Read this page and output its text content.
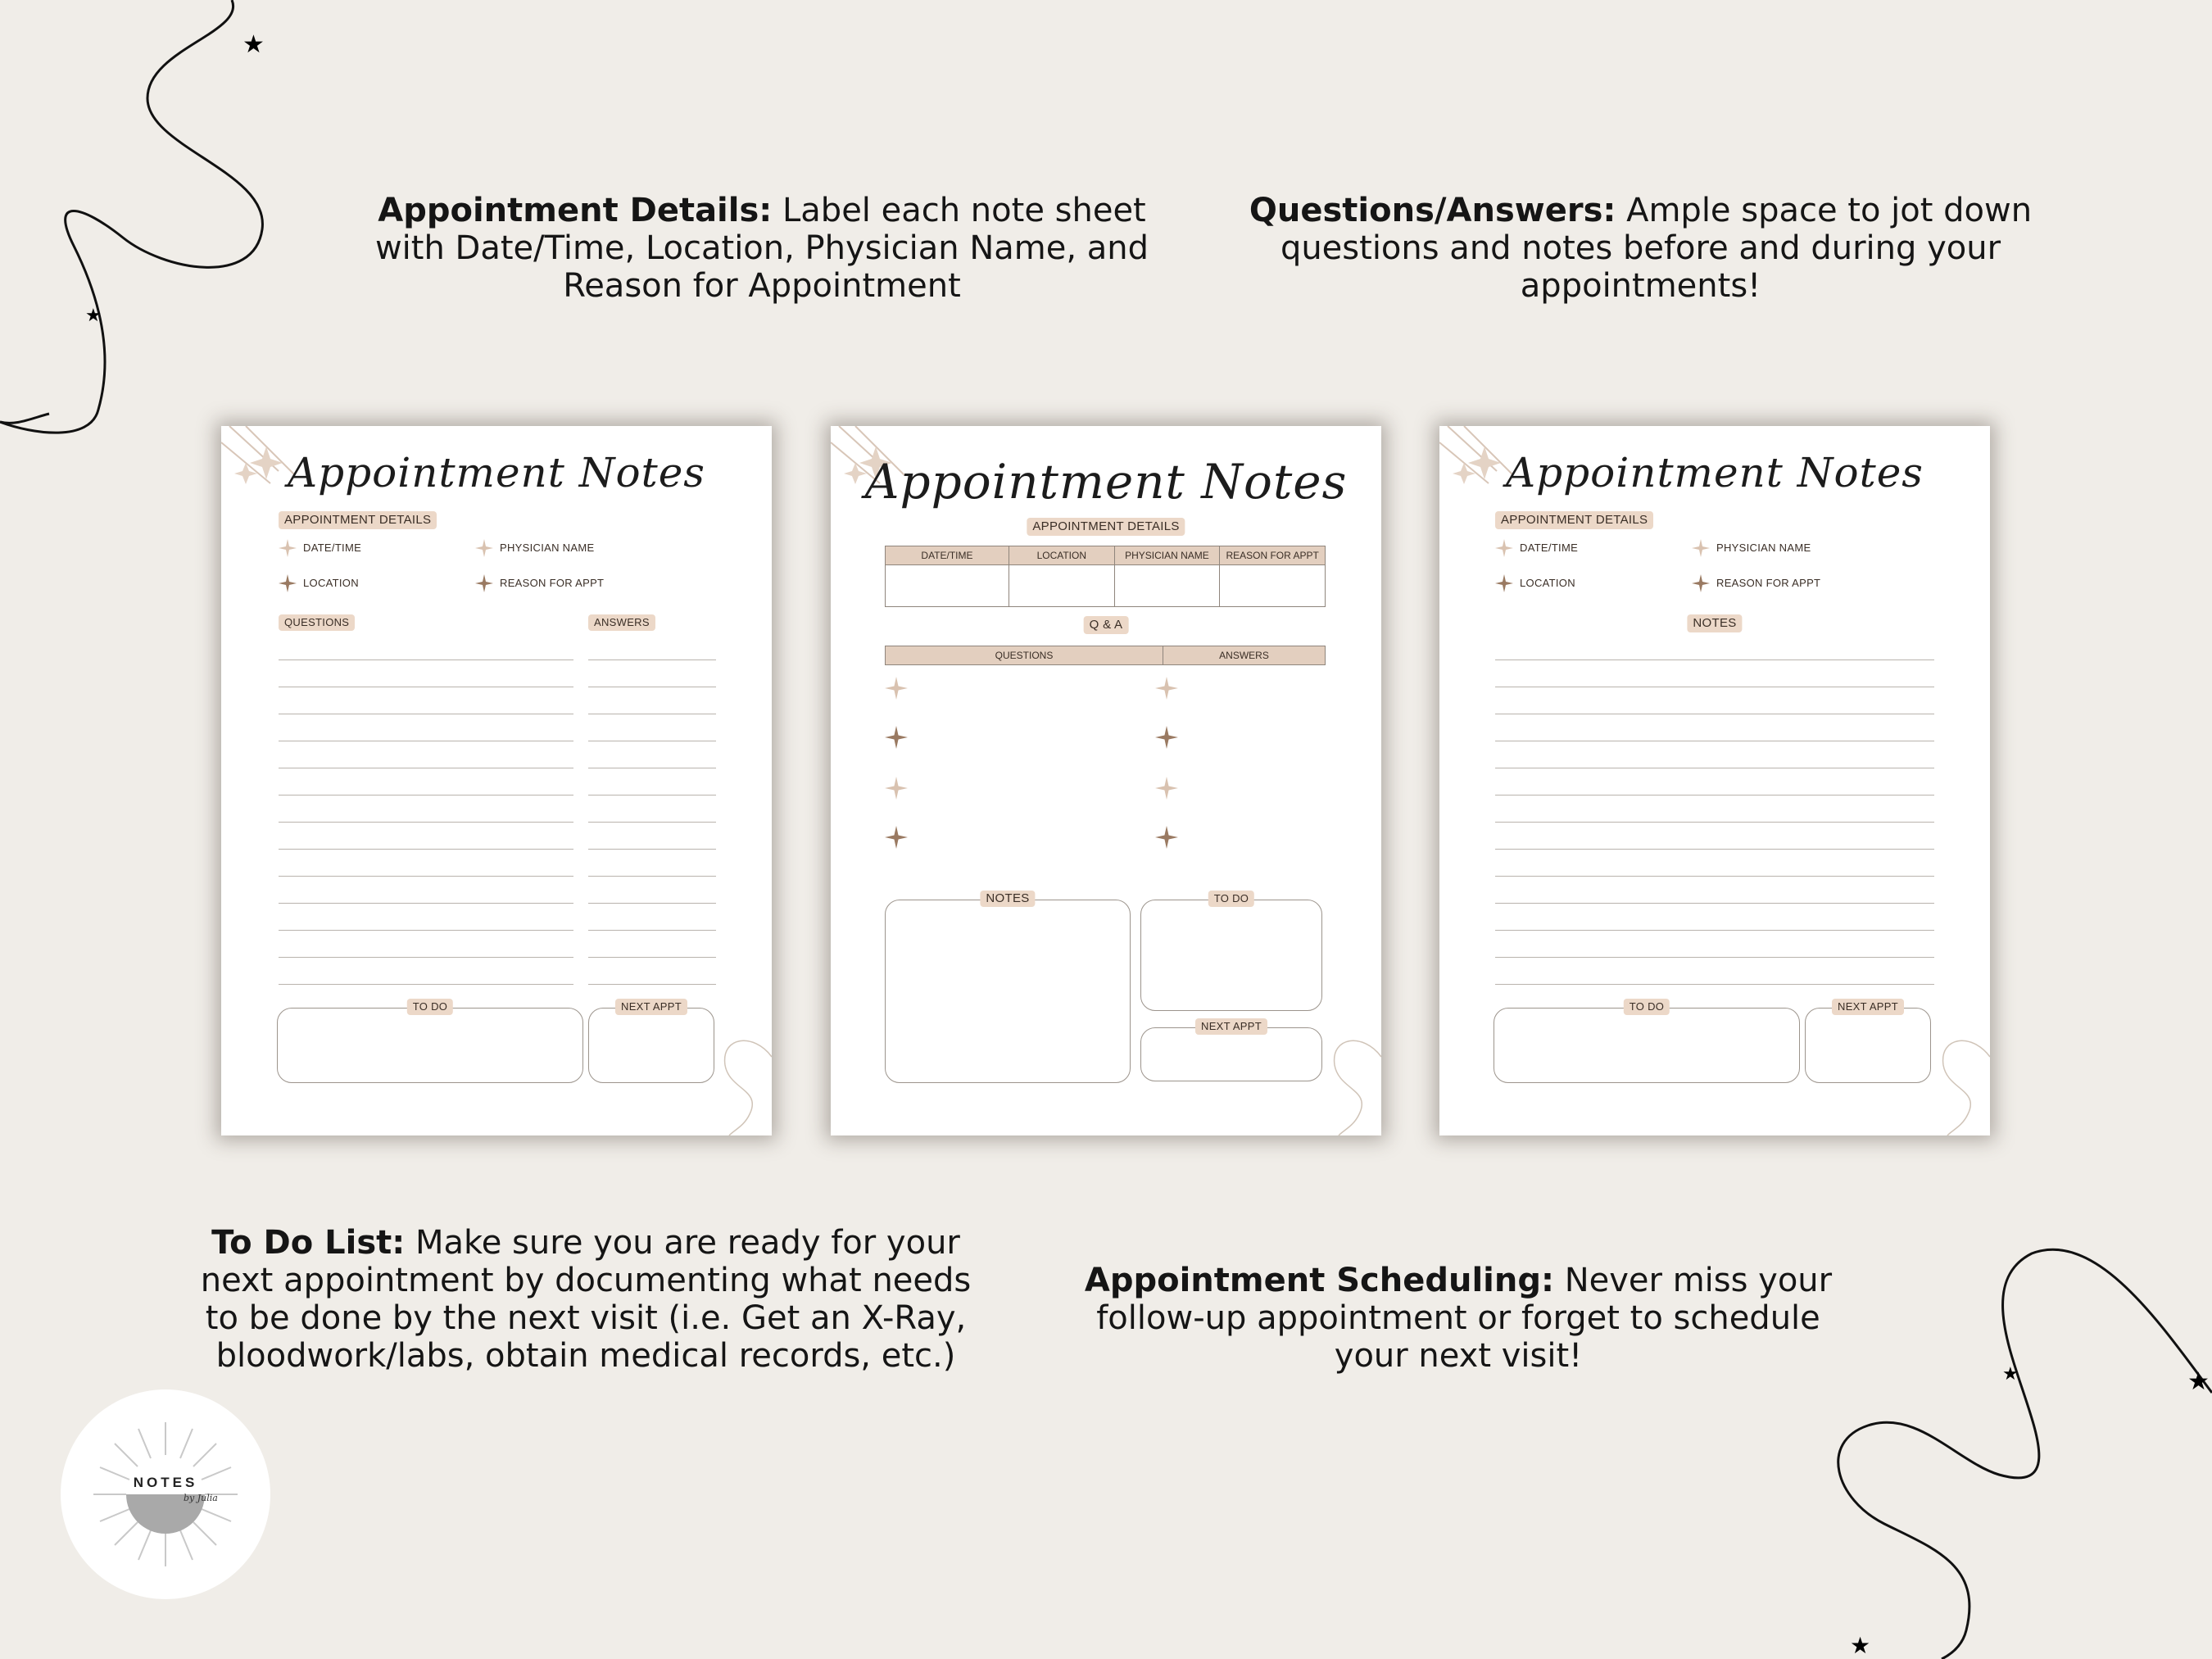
★
★
★	★
★
Appointment Details: Label each note sheet with Date/Time, Location, Physician Name, and Reason for Appointment
Questions/Answers: Ample space to jot down questions and notes before and during your appointments!
To Do List: Make sure you are ready for your next appointment by documenting what needs to be done by the next visit (i.e. Get an X-Ray, bloodwork/labs, obtain medical records, etc.)
Appointment Scheduling: Never miss your follow-up appointment or forget to schedule your next visit!
Appointment Notes
APPOINTMENT DETAILS
DATE/TIME	PHYSICIAN NAME
LOCATION	REASON FOR APPT
QUESTIONS	ANSWERS
TO DO	NEXT APPT
Appointment Notes
APPOINTMENT DETAILS
DATE/TIME	LOCATION	PHYSICIAN NAME	REASON FOR APPT

Q & A
QUESTIONS	ANSWERS
NOTES	TO DO
NEXT APPT
Appointment Notes
APPOINTMENT DETAILS
DATE/TIME	PHYSICIAN NAME
LOCATION	REASON FOR APPT
NOTES
TO DO	NEXT APPT
NOTES
by Julia
